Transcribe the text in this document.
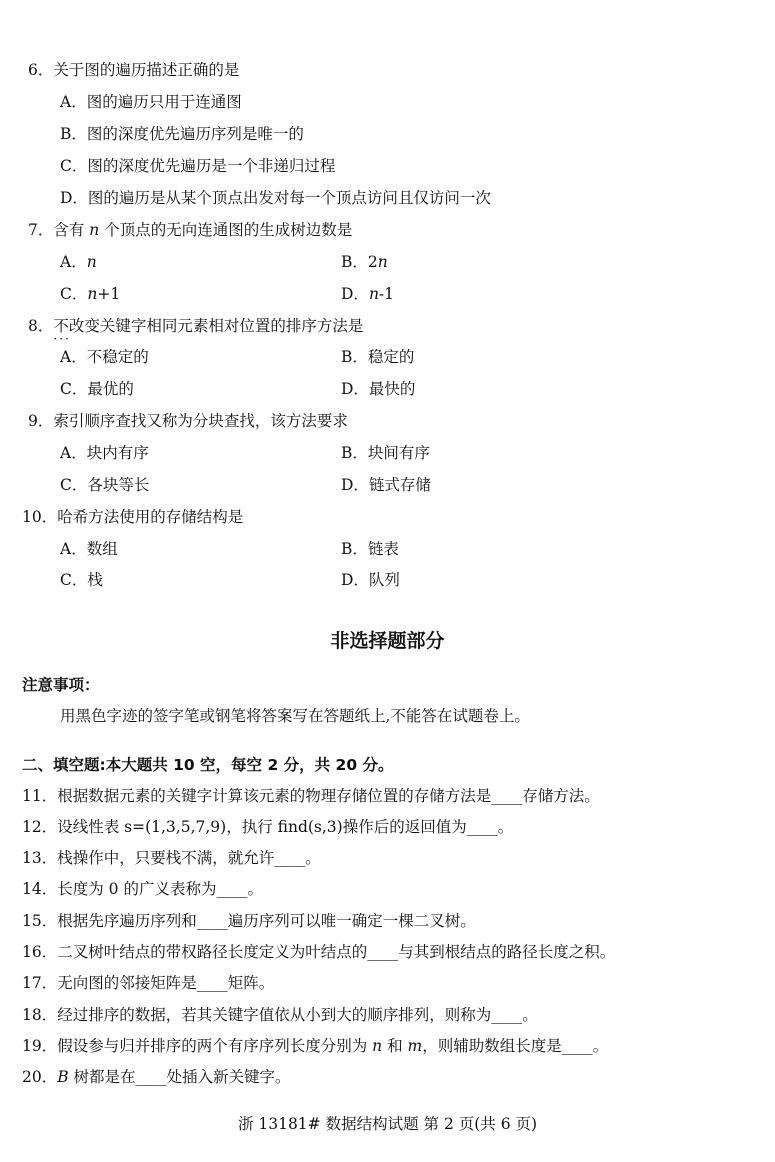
6．关于图的遍历描述正确的是
A．图的遍历只用于连通图
B．图的深度优先遍历序列是唯一的
C．图的深度优先遍历是一个非递归过程
D．图的遍历是从某个顶点出发对每一个顶点访问且仅访问一次
7．含有 n 个顶点的无向连通图的生成树边数是
A．n	B．2n
C．n+1	D．n-1
8．不改变 ···关键字相同元素相对位置的排序方法是
A．不稳定的	B．稳定的
C．最优的	D．最快的
9．索引顺序查找又称为分块查找，该方法要求
A．块内有序	B．块间有序
C．各块等长	D．链式存储
10．哈希方法使用的存储结构是
A．数组	B．链表
C．栈	D．队列
非选择题部分
注意事项：
用黑色字迹的签字笔或钢笔将答案写在答题纸上,不能答在试题卷上。
二、填空题:本大题共 10 空，每空 2 分，共 20 分。
11．根据数据元素的关键字计算该元素的物理存储位置的存储方法是____存储方法。
12．设线性表 s=(1,3,5,7,9)，执行 find(s,3)操作后的返回值为____。
13．栈操作中，只要栈不满，就允许____。
14．长度为 0 的广义表称为____。
15．根据先序遍历序列和____遍历序列可以唯一确定一棵二叉树。
16．二叉树叶结点的带权路径长度定义为叶结点的____与其到根结点的路径长度之积。
17．无向图的邻接矩阵是____矩阵。
18．经过排序的数据，若其关键字值依从小到大的顺序排列，则称为____。
19．假设参与归并排序的两个有序序列长度分别为 n 和 m，则辅助数组长度是____。
20．B 树都是在____处插入新关键字。
浙 13181# 数据结构试题 第 2 页(共 6 页)
